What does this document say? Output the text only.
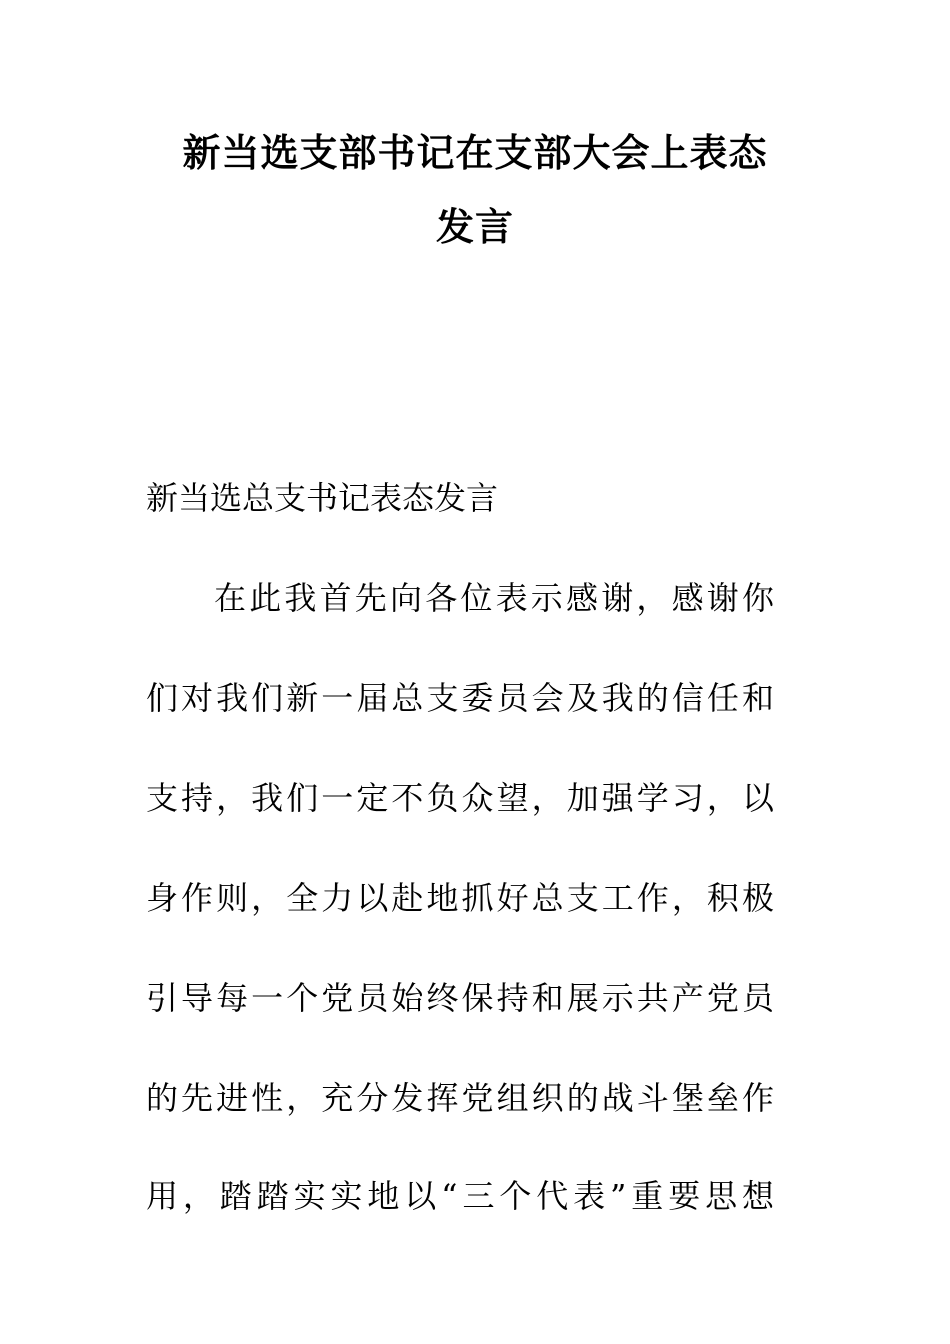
新当选支部书记在支部大会上表态
发言

新当选总支书记表态发言

在此我首先向各位表示感谢，感谢你

们对我们新一届总支委员会及我的信任和

支持，我们一定不负众望，加强学习，以

身作则，全力以赴地抓好总支工作，积极

引导每一个党员始终保持和展示共产党员

的先进性，充分发挥党组织的战斗堡垒作

用，踏踏实实地以“三个代表”重要思想
